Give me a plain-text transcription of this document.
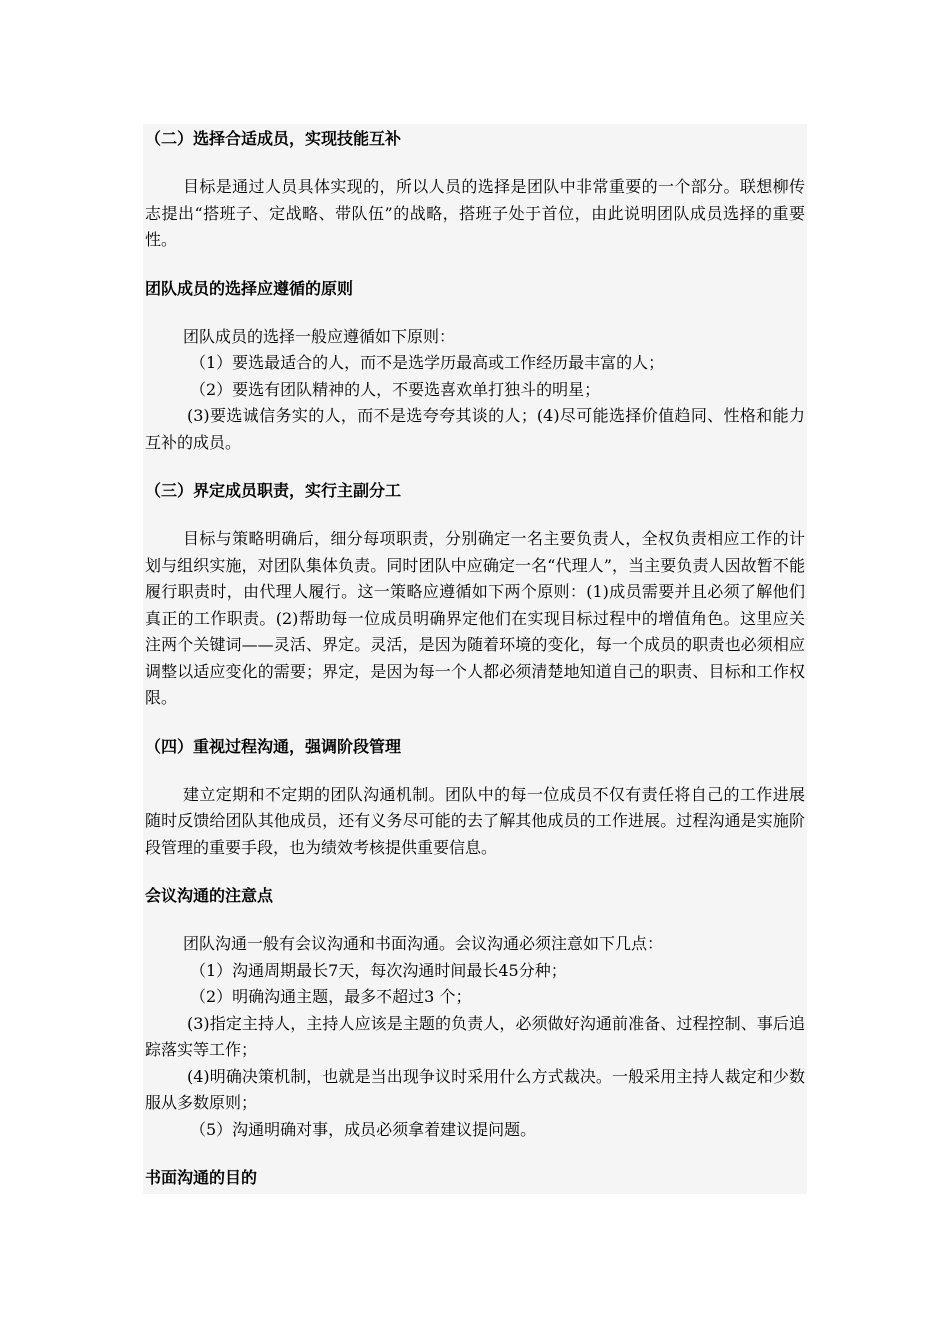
（二）选择合适成员，实现技能互补

目标是通过人员具体实现的，所以人员的选择是团队中非常重要的一个部分。联想柳传志提出“搭班子、定战略、带队伍”的战略，搭班子处于首位，由此说明团队成员选择的重要性。

团队成员的选择应遵循的原则

团队成员的选择一般应遵循如下原则：

（1）要选最适合的人，而不是选学历最高或工作经历最丰富的人；

（2）要选有团队精神的人，不要选喜欢单打独斗的明星；

(3)要选诚信务实的人，而不是选夸夸其谈的人；(4)尽可能选择价值趋同、性格和能力互补的成员。

（三）界定成员职责，实行主副分工

目标与策略明确后，细分每项职责，分别确定一名主要负责人，全权负责相应工作的计划与组织实施，对团队集体负责。同时团队中应确定一名“代理人”，当主要负责人因故暂不能履行职责时，由代理人履行。这一策略应遵循如下两个原则：(1)成员需要并且必须了解他们真正的工作职责。(2)帮助每一位成员明确界定他们在实现目标过程中的增值角色。这里应关注两个关键词——灵活、界定。灵活，是因为随着环境的变化，每一个成员的职责也必须相应调整以适应变化的需要；界定，是因为每一个人都必须清楚地知道自己的职责、目标和工作权限。

（四）重视过程沟通，强调阶段管理

建立定期和不定期的团队沟通机制。团队中的每一位成员不仅有责任将自己的工作进展随时反馈给团队其他成员，还有义务尽可能的去了解其他成员的工作进展。过程沟通是实施阶段管理的重要手段，也为绩效考核提供重要信息。

会议沟通的注意点

团队沟通一般有会议沟通和书面沟通。会议沟通必须注意如下几点：

（1）沟通周期最长7天，每次沟通时间最长45分种；

（2）明确沟通主题，最多不超过3 个；

(3)指定主持人，主持人应该是主题的负责人，必须做好沟通前准备、过程控制、事后追踪落实等工作；

(4)明确决策机制，也就是当出现争议时采用什么方式裁决。一般采用主持人裁定和少数服从多数原则；

（5）沟通明确对事，成员必须拿着建议提问题。

书面沟通的目的
